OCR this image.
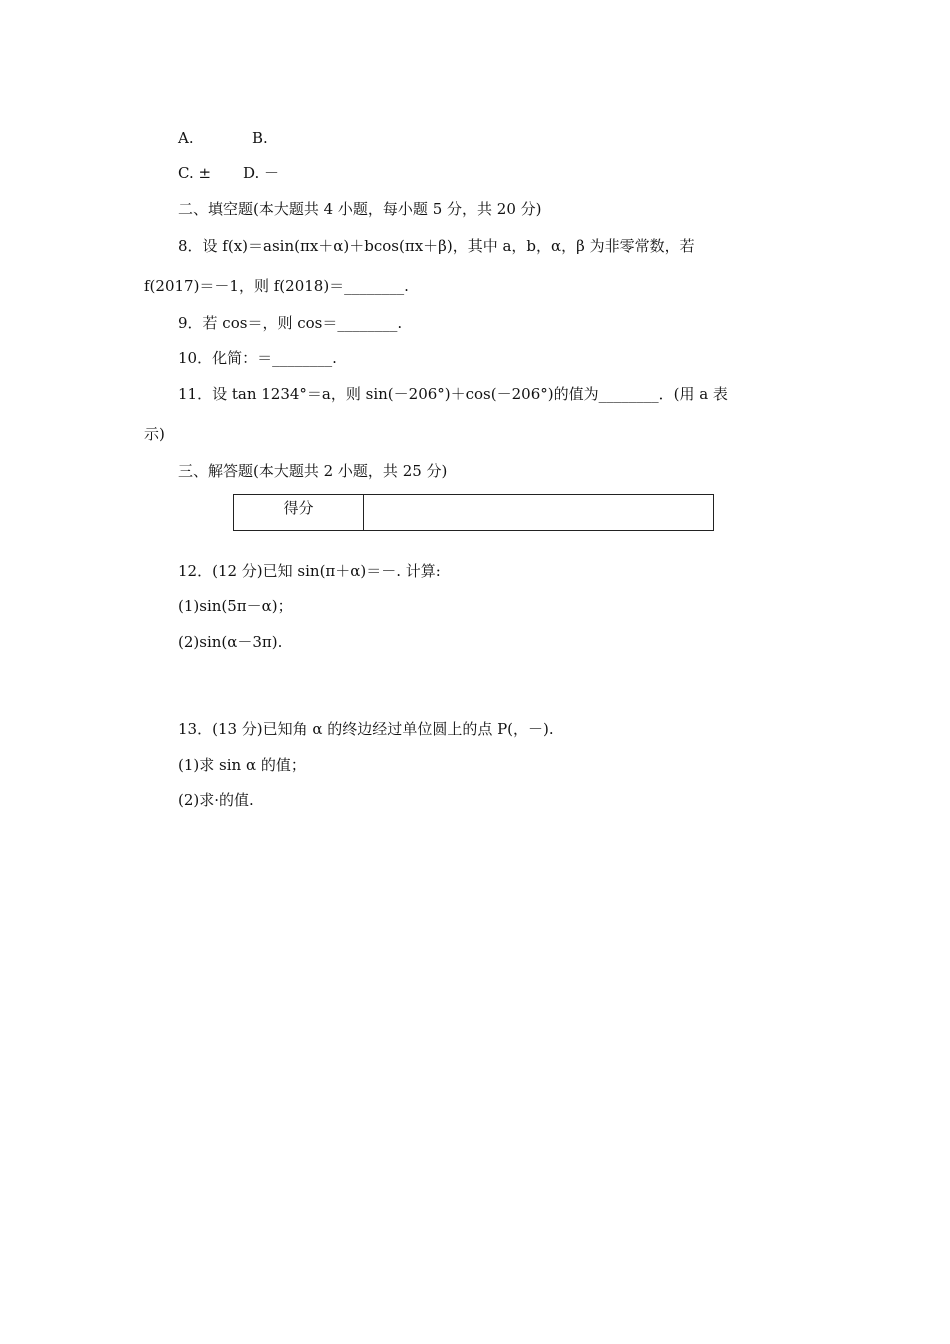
A.	B.
C. ± D. －
二、填空题(本大题共 4 小题，每小题 5 分，共 20 分)
8．设 f(x)＝asin(πx＋α)＋bcos(πx＋β)，其中 a，b，α，β 为非零常数，若
f(2017)＝－1，则 f(2018)＝________.
9．若 cos＝，则 cos＝________.
10．化简：＝________.
11．设 tan 1234°＝a，则 sin(－206°)＋cos(－206°)的值为________．(用 a 表
示)
三、解答题(本大题共 2 小题，共 25 分)
得分
12．(12 分)已知 sin(π＋α)＝－. 计算:
(1)sin(5π－α)；
(2)sin(α－3π).
13．(13 分)已知角 α 的终边经过单位圆上的点 P(，－).
(1)求 sin α 的值；
(2)求·的值.
